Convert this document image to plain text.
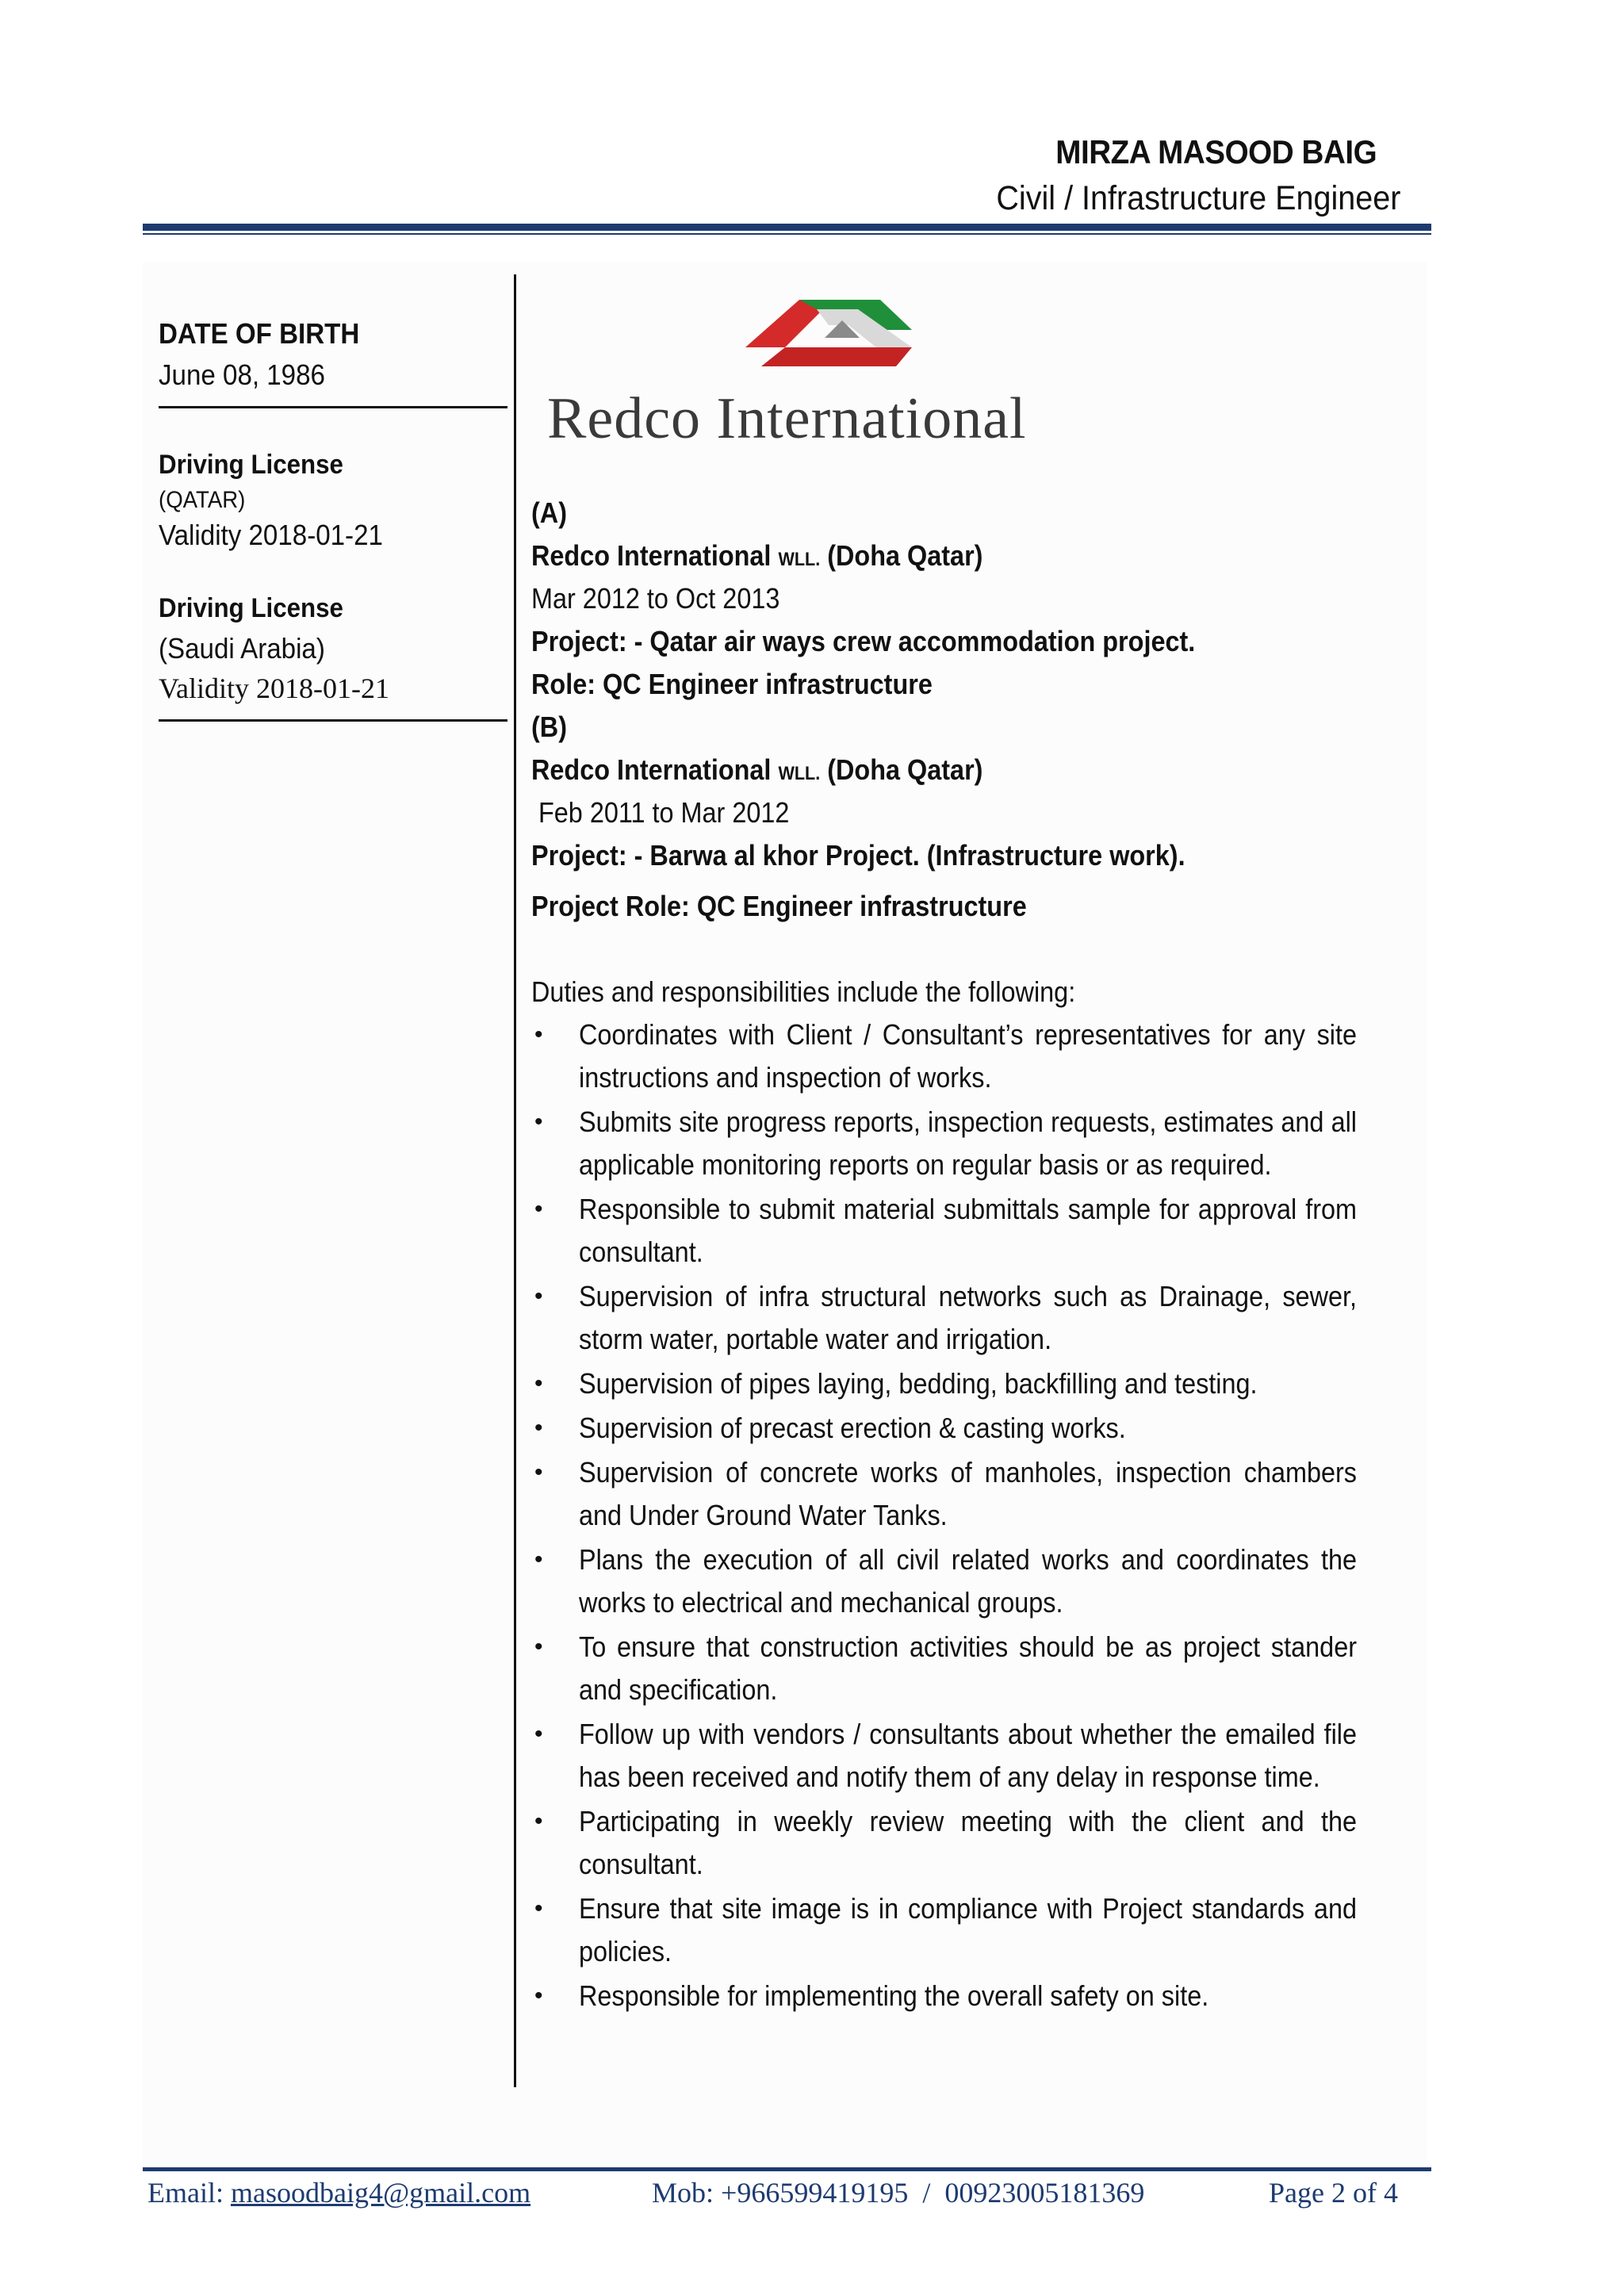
MIRZA MASOOD BAIG
Civil / Infrastructure Engineer
DATE OF BIRTH
June 08, 1986
Driving License
(QATAR)
Validity 2018-01-21
Driving License
(Saudi Arabia)
Validity 2018-01-21
Redco International
(A)
Redco International WLL. (Doha Qatar)
Mar 2012 to Oct 2013
Project: - Qatar air ways crew accommodation project.
Role: QC Engineer infrastructure
(B)
Redco International WLL. (Doha Qatar)
Feb 2011 to Mar 2012
Project: - Barwa al khor Project. (Infrastructure work).
Project Role: QC Engineer infrastructure
Duties and responsibilities include the following:
• Coordinates with Client / Consultant’s representatives for any site instructions and inspection of works.
• Submits site progress reports, inspection requests, estimates and all applicable monitoring reports on regular basis or as required.
• Responsible to submit material submittals sample for approval from consultant.
• Supervision of infra structural networks such as Drainage, sewer, storm water, portable water and irrigation.
• Supervision of pipes laying, bedding, backfilling and testing.
• Supervision of precast erection & casting works.
• Supervision of concrete works of manholes, inspection chambers and Under Ground Water Tanks.
• Plans the execution of all civil related works and coordinates the works to electrical and mechanical groups.
• To ensure that construction activities should be as project stander and specification.
• Follow up with vendors / consultants about whether the emailed file has been received and notify them of any delay in response time.
• Participating in weekly review meeting with the client and the consultant.
• Ensure that site image is in compliance with Project standards and policies.
• Responsible for implementing the overall safety on site.
Email: masoodbaig4@gmail.com	Mob: +966599419195  /  00923005181369	Page 2 of 4
